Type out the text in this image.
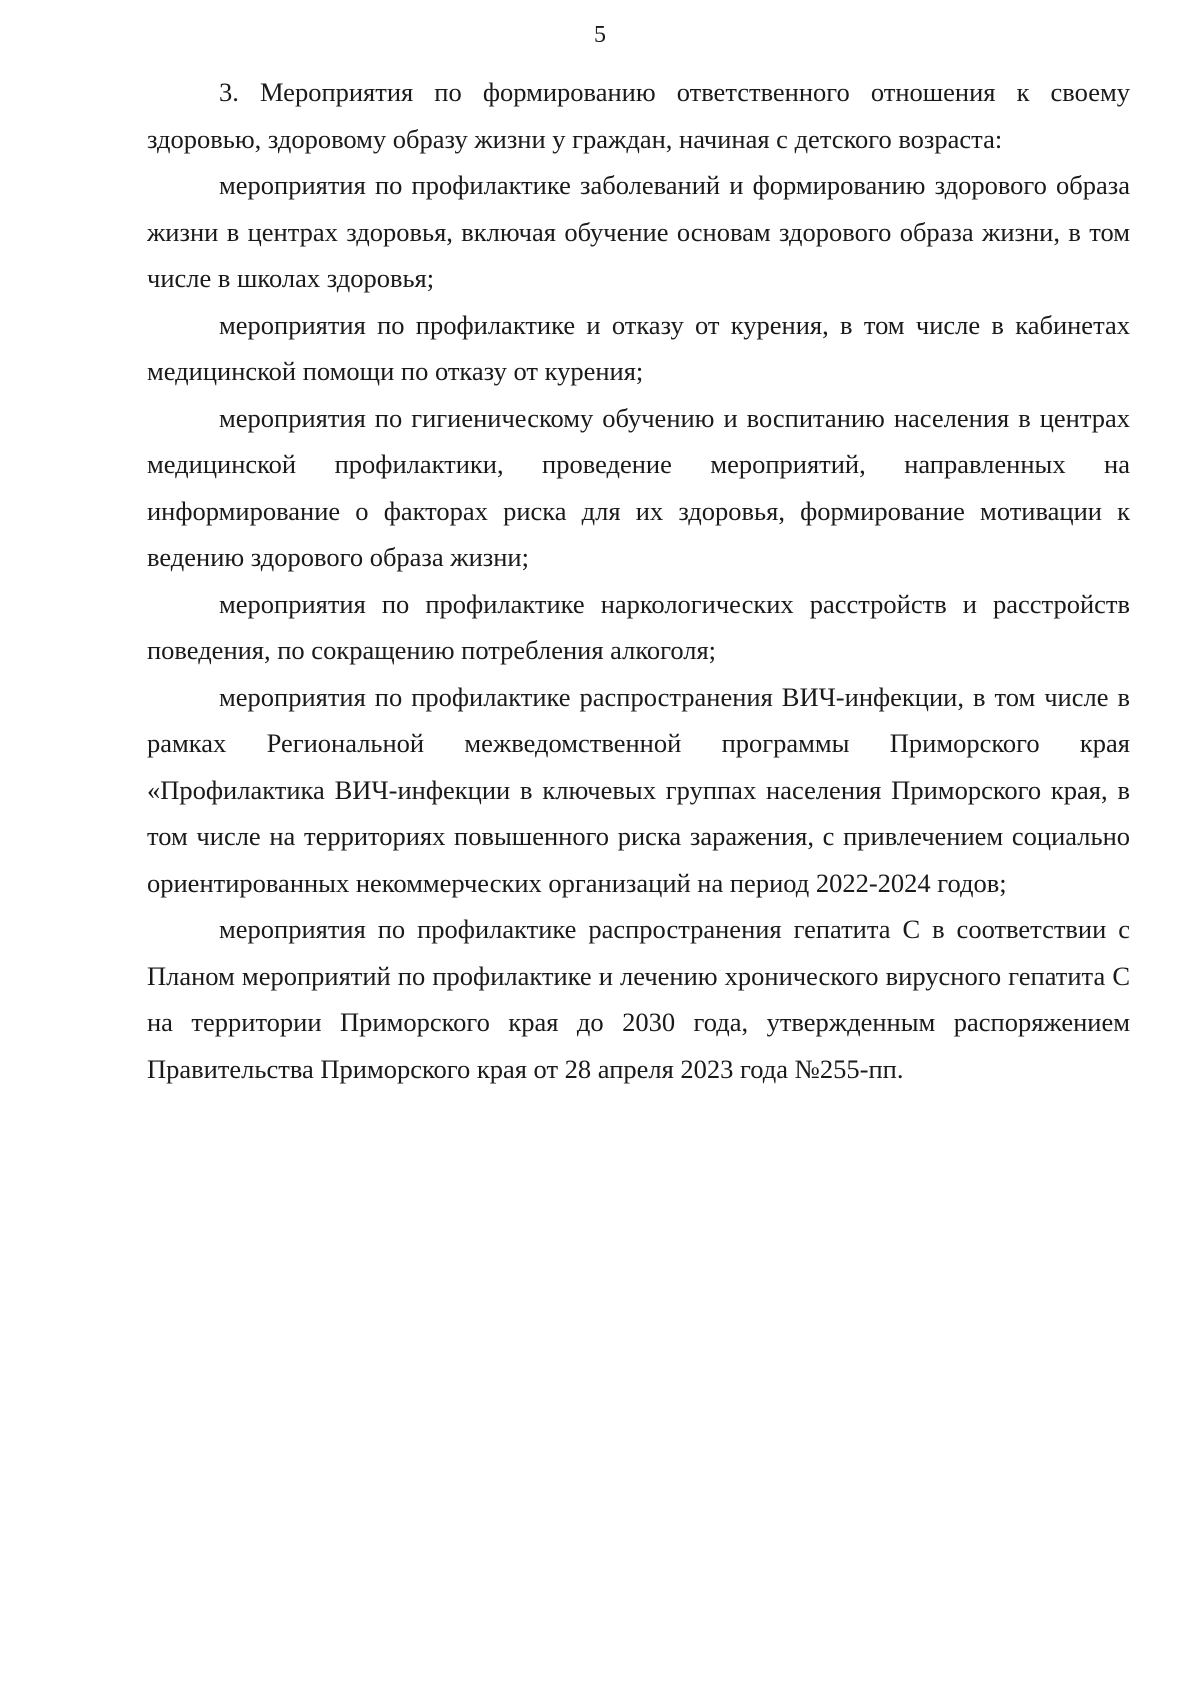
5

3. Мероприятия по формированию ответственного отношения к своему здоровью, здоровому образу жизни у граждан, начиная с детского возраста:

мероприятия по профилактике заболеваний и формированию здорового образа жизни в центрах здоровья, включая обучение основам здорового образа жизни, в том числе в школах здоровья;

мероприятия по профилактике и отказу от курения, в том числе в кабинетах медицинской помощи по отказу от курения;

мероприятия по гигиеническому обучению и воспитанию населения в центрах медицинской профилактики, проведение мероприятий, направленных на информирование о факторах риска для их здоровья, формирование мотивации к ведению здорового образа жизни;

мероприятия по профилактике наркологических расстройств и расстройств поведения, по сокращению потребления алкоголя;

мероприятия по профилактике распространения ВИЧ-инфекции, в том числе в рамках Региональной межведомственной программы Приморского края «Профилактика ВИЧ-инфекции в ключевых группах населения Приморского края, в том числе на территориях повышенного риска заражения, с привлечением социально ориентированных некоммерческих организаций на период 2022-2024 годов;

мероприятия по профилактике распространения гепатита С в соответствии с Планом мероприятий по профилактике и лечению хронического вирусного гепатита С на территории Приморского края до 2030 года, утвержденным распоряжением Правительства Приморского края от 28 апреля 2023 года №255-пп.
